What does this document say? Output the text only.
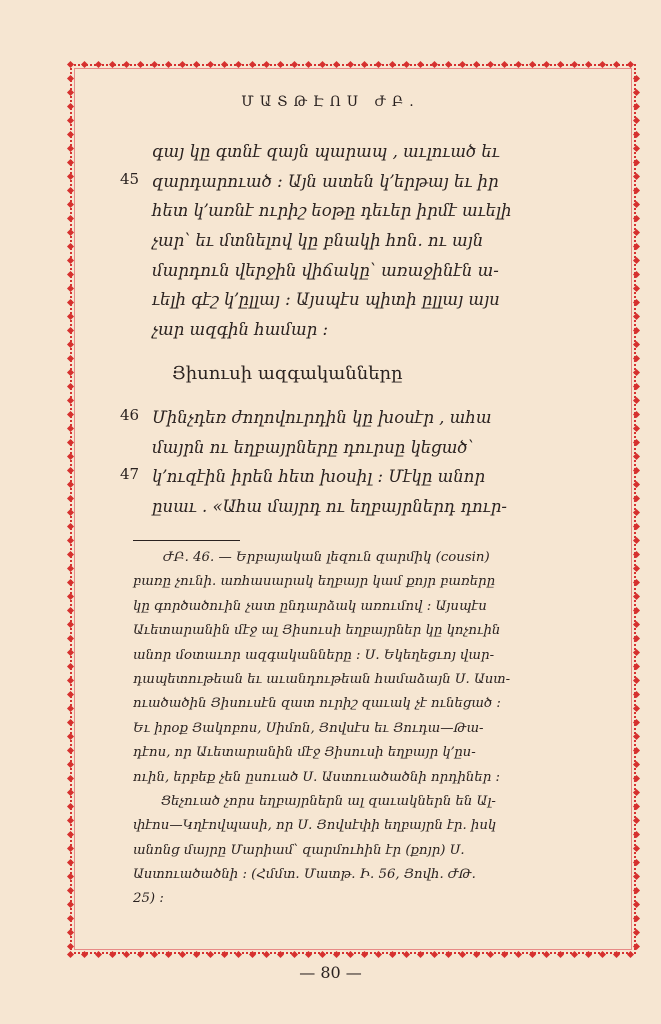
ՄԱՏԹԷՈՍ ԺԲ.
գայ կը գտնէ զայն պարապ , աւլուած եւ
զարդարուած ։ Այն ատեն կ՚երթայ եւ իր
հետ կ՚առնէ ուրիշ եօթը դեւեր իրմէ աւելի
չար՝ եւ մտնելով կը բնակի հոն. ու այն
մարդուն վերջին վիճակը՝ առաջինէն ա-
ւելի գէշ կ՚ըլլայ ։ Այսպէս պիտի ըլլայ այս
չար ազգին համար ։
45
Յիսուսի ազգականները
Մինչդեռ ժողովուրդին կը խօսէր , ահա
մայրն ու եղբայրները դուրսը կեցած՝
կ՚ուզէին իրեն հետ խօսիլ ։ Մէկը անոր
ըսաւ . «Ահա մայրդ ու եղբայրներդ դուր-
46
47
ԺԲ. 46. — Երբայական լեզուն զարմիկ (cousin)
բառը չունի. առհասարակ եղբայր կամ քոյր բառերը
կը գործածուին չատ ընդարձակ առումով ։ Այսպէս
Աւետարանին մէջ ալ Յիսուսի եղբայրներ կը կոչուին
անոր մօտաւոր ազգականները ։ Ս. Եկեղեցւոյ վար-
դապետութեան եւ աւանդութեան համաձայն Ս. Աստ-
ուածածին Յիսուսէն զատ ուրիշ զաւակ չէ ունեցած ։
Եւ իրօք Յակոբոս, Սիմոն, Յովսէս եւ Յուդա—Թա-
դէոս, որ Աւետարանին մէջ Յիսուսի եղբայր կ՚ըս-
ուին, երբեք չեն ըսուած Ս. Աստուածածնի որդիներ ։
Ցեչուած չորս եղբայրներն ալ զաւակներն են Ալ-
փէոս—Կղէովպասի, որ Ս. Յովսէփի եղբայրն էր. իսկ
անոնց մայրը Մարիամ՝ զարմուհին էր (քոյր) Ս.
Աստուածածնի ։ (Հմմտ. Մատթ. Ի. 56, Յովհ. ԺԹ.
25) ։
— 80 —
